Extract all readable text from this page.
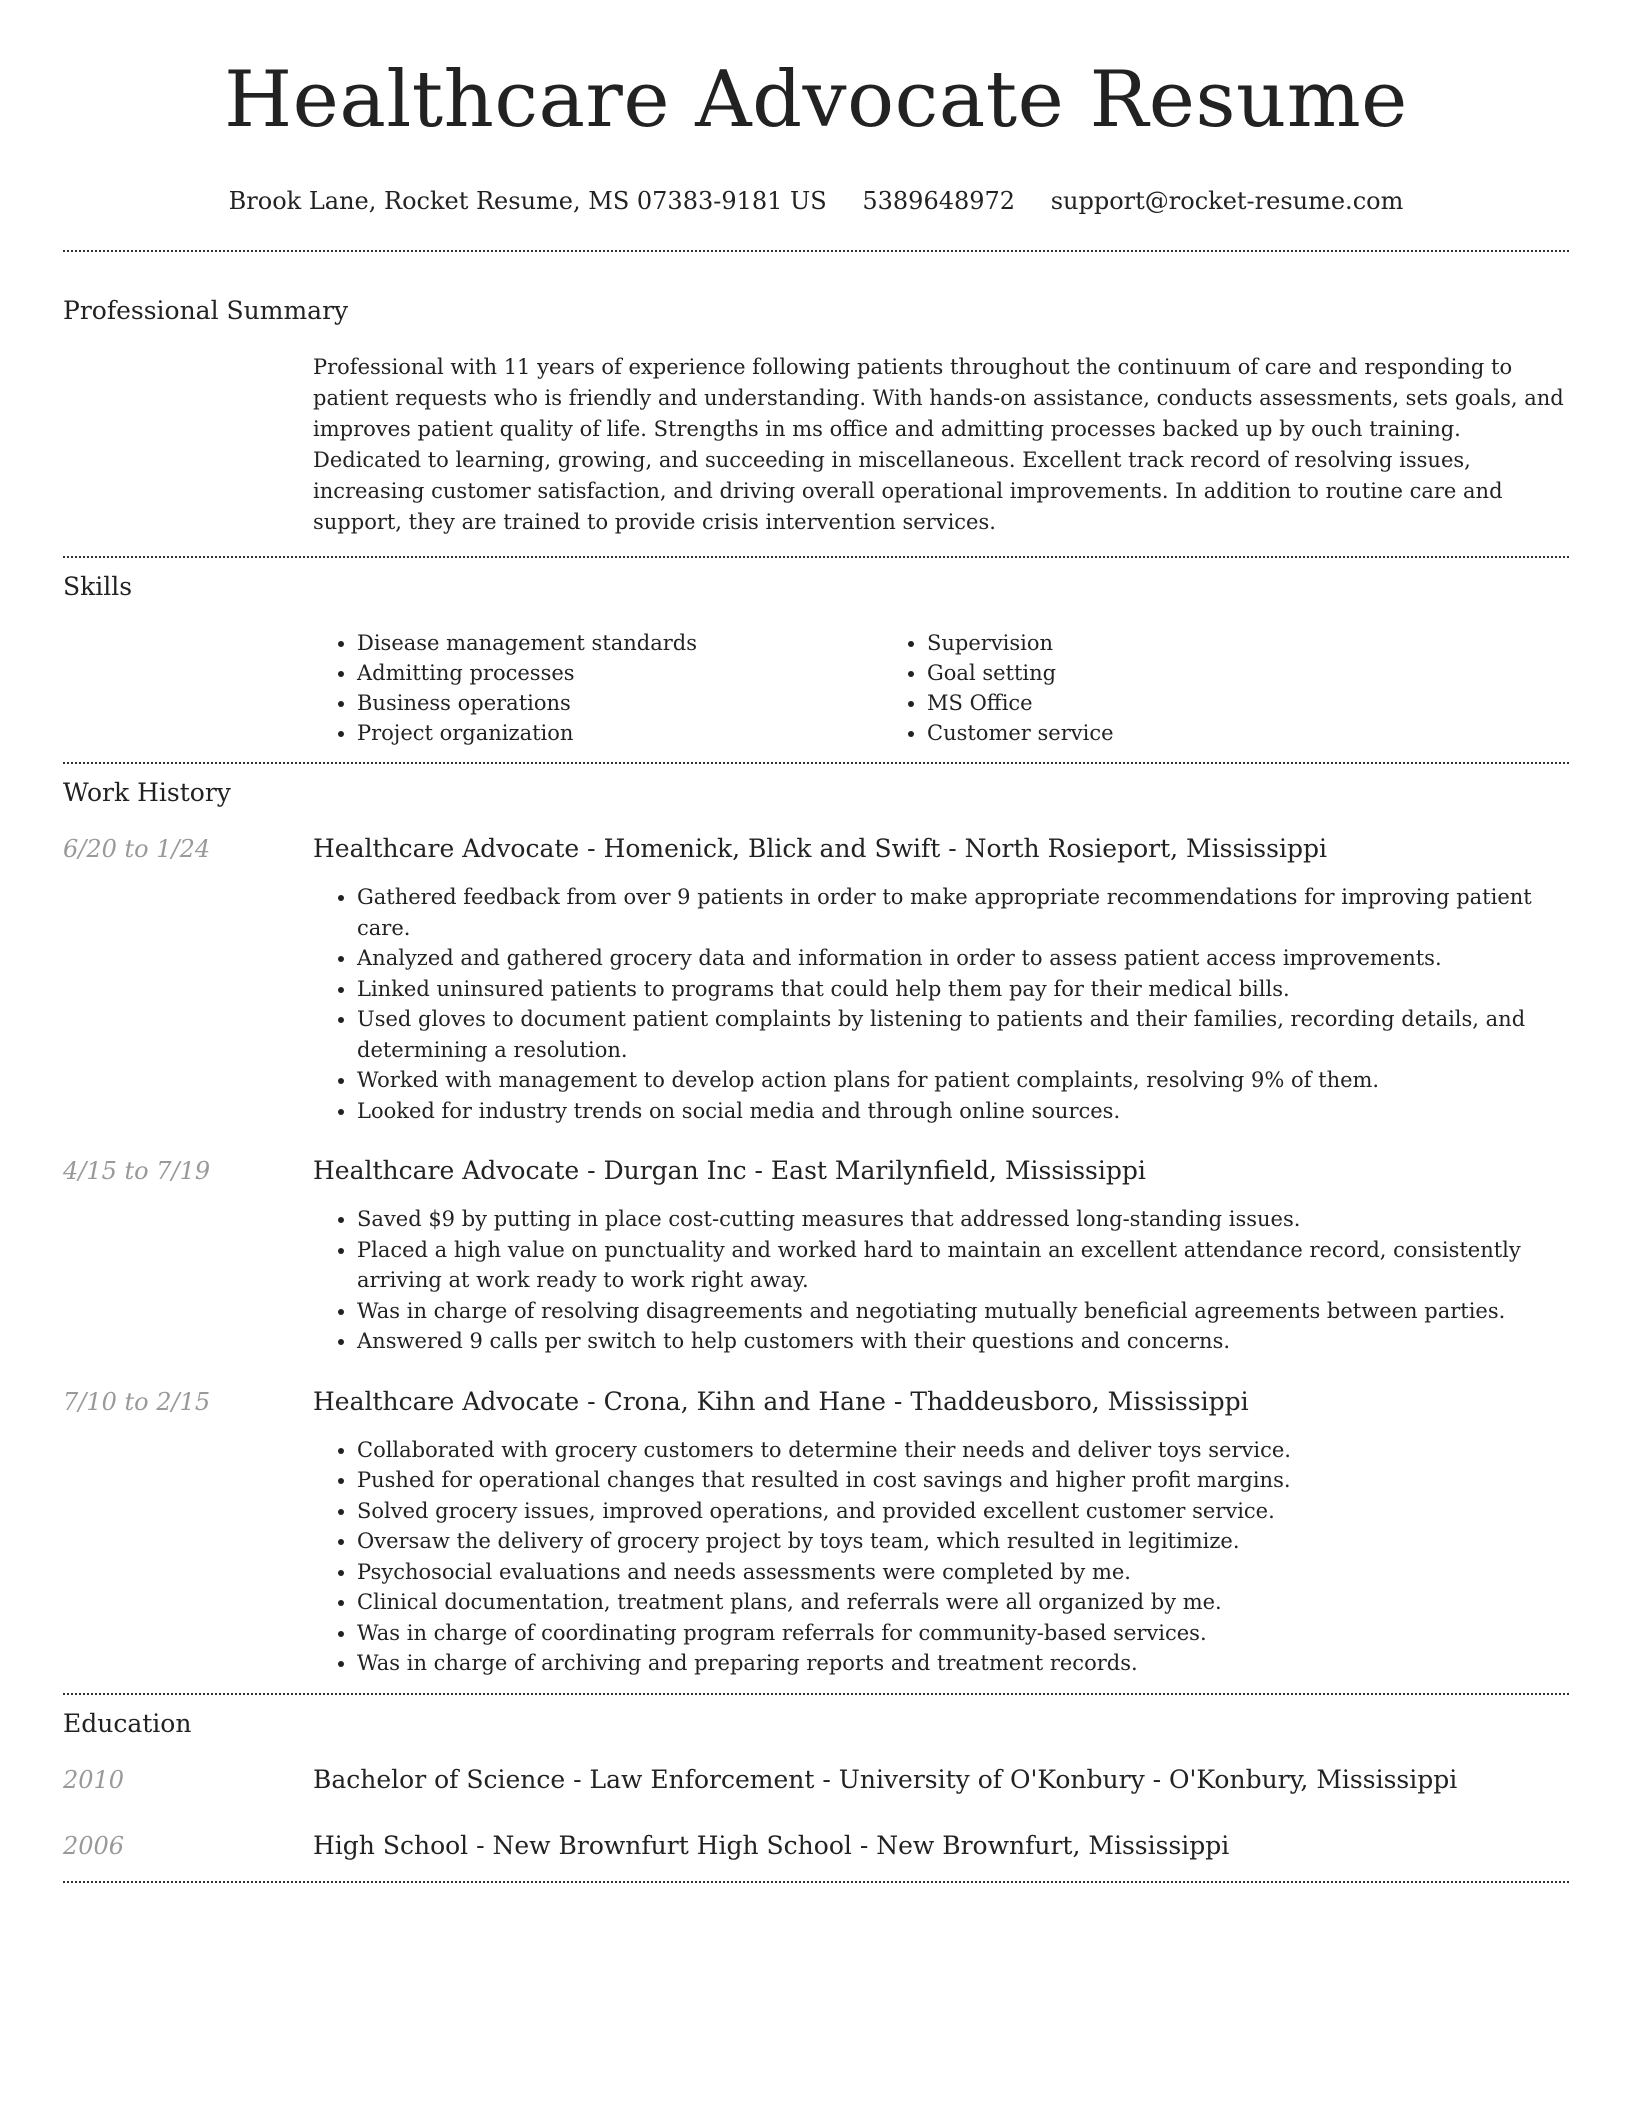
Healthcare Advocate Resume
Brook Lane, Rocket Resume, MS 07383-9181 US 5389648972 support@rocket-resume.com
Professional Summary

Professional with 11 years of experience following patients throughout the continuum of care and responding to patient requests who is friendly and understanding. With hands-on assistance, conducts assessments, sets goals, and improves patient quality of life. Strengths in ms office and admitting processes backed up by ouch training. Dedicated to learning, growing, and succeeding in miscellaneous. Excellent track record of resolving issues, increasing customer satisfaction, and driving overall operational improvements. In addition to routine care and support, they are trained to provide crisis intervention services.

Skills
• Disease management standards
• Admitting processes
• Business operations
• Project organization
• Supervision
• Goal setting
• MS Office
• Customer service
Work History
6/20 to 1/24	Healthcare Advocate - Homenick, Blick and Swift - North Rosieport, Mississippi
• Gathered feedback from over 9 patients in order to make appropriate recommendations for improving patient care.
• Analyzed and gathered grocery data and information in order to assess patient access improvements.
• Linked uninsured patients to programs that could help them pay for their medical bills.
• Used gloves to document patient complaints by listening to patients and their families, recording details, and determining a resolution.
• Worked with management to develop action plans for patient complaints, resolving 9% of them.
• Looked for industry trends on social media and through online sources.
4/15 to 7/19	Healthcare Advocate - Durgan Inc - East Marilynfield, Mississippi
• Saved $9 by putting in place cost-cutting measures that addressed long-standing issues.
• Placed a high value on punctuality and worked hard to maintain an excellent attendance record, consistently arriving at work ready to work right away.
• Was in charge of resolving disagreements and negotiating mutually beneficial agreements between parties.
• Answered 9 calls per switch to help customers with their questions and concerns.
7/10 to 2/15	Healthcare Advocate - Crona, Kihn and Hane - Thaddeusboro, Mississippi
• Collaborated with grocery customers to determine their needs and deliver toys service.
• Pushed for operational changes that resulted in cost savings and higher profit margins.
• Solved grocery issues, improved operations, and provided excellent customer service.
• Oversaw the delivery of grocery project by toys team, which resulted in legitimize.
• Psychosocial evaluations and needs assessments were completed by me.
• Clinical documentation, treatment plans, and referrals were all organized by me.
• Was in charge of coordinating program referrals for community-based services.
• Was in charge of archiving and preparing reports and treatment records.
Education
2010	Bachelor of Science - Law Enforcement - University of O'Konbury - O'Konbury, Mississippi
2006	High School - New Brownfurt High School - New Brownfurt, Mississippi
